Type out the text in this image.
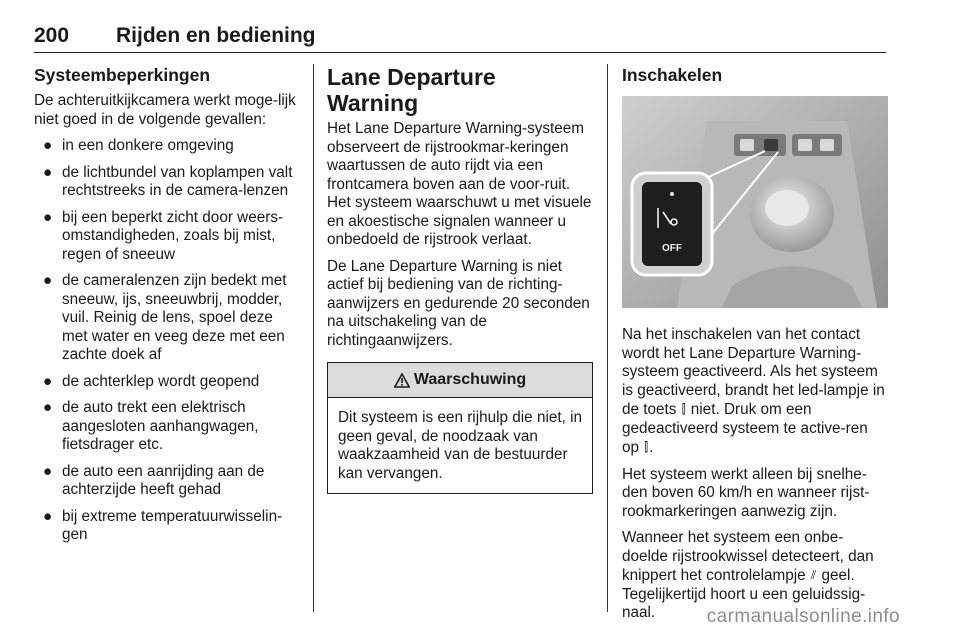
200 Rijden en bediening
Systeembeperkingen

De achteruitkijkcamera werkt moge-lijk niet goed in de volgende gevallen:

● in een donkere omgeving
● de lichtbundel van koplampen valt rechtstreeks in de camera-lenzen
● bij een beperkt zicht door weers-omstandigheden, zoals bij mist, regen of sneeuw
● de cameralenzen zijn bedekt met sneeuw, ijs, sneeuwbrij, modder, vuil. Reinig de lens, spoel deze met water en veeg deze met een zachte doek af
● de achterklep wordt geopend
● de auto trekt een elektrisch aangesloten aanhangwagen, fietsdrager etc.
● de auto een aanrijding aan de achterzijde heeft gehad
● bij extreme temperatuurwisselin-gen
Lane Departure Warning

Het Lane Departure Warning-systeem observeert de rijstrookmar-keringen waartussen de auto rijdt via een frontcamera boven aan de voor-ruit. Het systeem waarschuwt u met visuele en akoestische signalen wanneer u onbedoeld de rijstrook verlaat.

De Lane Departure Warning is niet actief bij bediening van de richting-aanwijzers en gedurende 20 seconden na uitschakeling van de richtingaanwijzers.

Waarschuwing
Dit systeem is een rijhulp die niet, in geen geval, de noodzaak van waakzaamheid van de bestuurder kan vervangen.
Inschakelen
OFF

Na het inschakelen van het contact wordt het Lane Departure Warning-systeem geactiveerd. Als het systeem is geactiveerd, brandt het led-lampje in de toets ⫿ niet. Druk om een gedeactiveerd systeem te active-ren op ⫿.

Het systeem werkt alleen bij snelhe-den boven 60 km/h en wanneer rijst-rookmarkeringen aanwezig zijn.

Wanneer het systeem een onbe-doelde rijstrookwissel detecteert, dan knippert het controlelampje ⫽ geel. Tegelijkertijd hoort u een geluidssig-naal.	carmanualsonline.info
